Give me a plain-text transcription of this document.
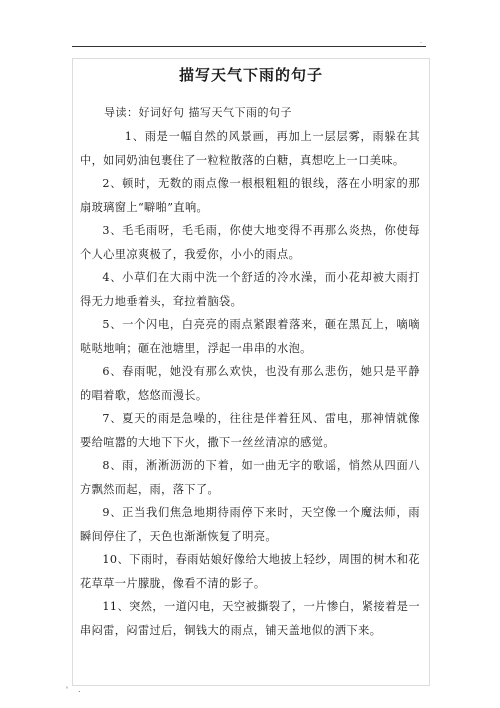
.
描写天气下雨的句子
导读：好词好句 描写天气下雨的句子

1、雨是一幅自然的风景画，再加上一层层雾，雨躲在其中，如同奶油包裹住了一粒粒散落的白糖，真想吃上一口美味。

2、顿时，无数的雨点像一根根粗粗的银线，落在小明家的那扇玻璃窗上“噼啪”直响。

3、毛毛雨呀，毛毛雨，你使大地变得不再那么炎热，你使每个人心里凉爽极了，我爱你，小小的雨点。

4、小草们在大雨中洗一个舒适的冷水澡，而小花却被大雨打得无力地垂着头，耷拉着脑袋。

5、一个闪电，白亮亮的雨点紧跟着落来，砸在黑瓦上，嘀嘀哒哒地响；砸在池塘里，浮起一串串的水泡。

6、春雨呢，她没有那么欢快，也没有那么悲伤，她只是平静的唱着歌，悠悠而漫长。

7、夏天的雨是急噪的，往往是伴着狂风、雷电，那神情就像要给喧嚣的大地下下火，撒下一丝丝清凉的感觉。

8、雨，淅淅沥沥的下着，如一曲无字的歌谣，悄然从四面八方飘然而起，雨，落下了。

9、正当我们焦急地期待雨停下来时，天空像一个魔法师，雨瞬间停住了，天色也渐渐恢复了明亮。

10、下雨时，春雨姑娘好像给大地披上轻纱，周围的树木和花花草草一片朦胧，像看不清的影子。

11、突然，一道闪电，天空被撕裂了，一片惨白，紧接着是一串闷雷，闷雷过后，铜钱大的雨点，铺天盖地似的洒下来。

' .
